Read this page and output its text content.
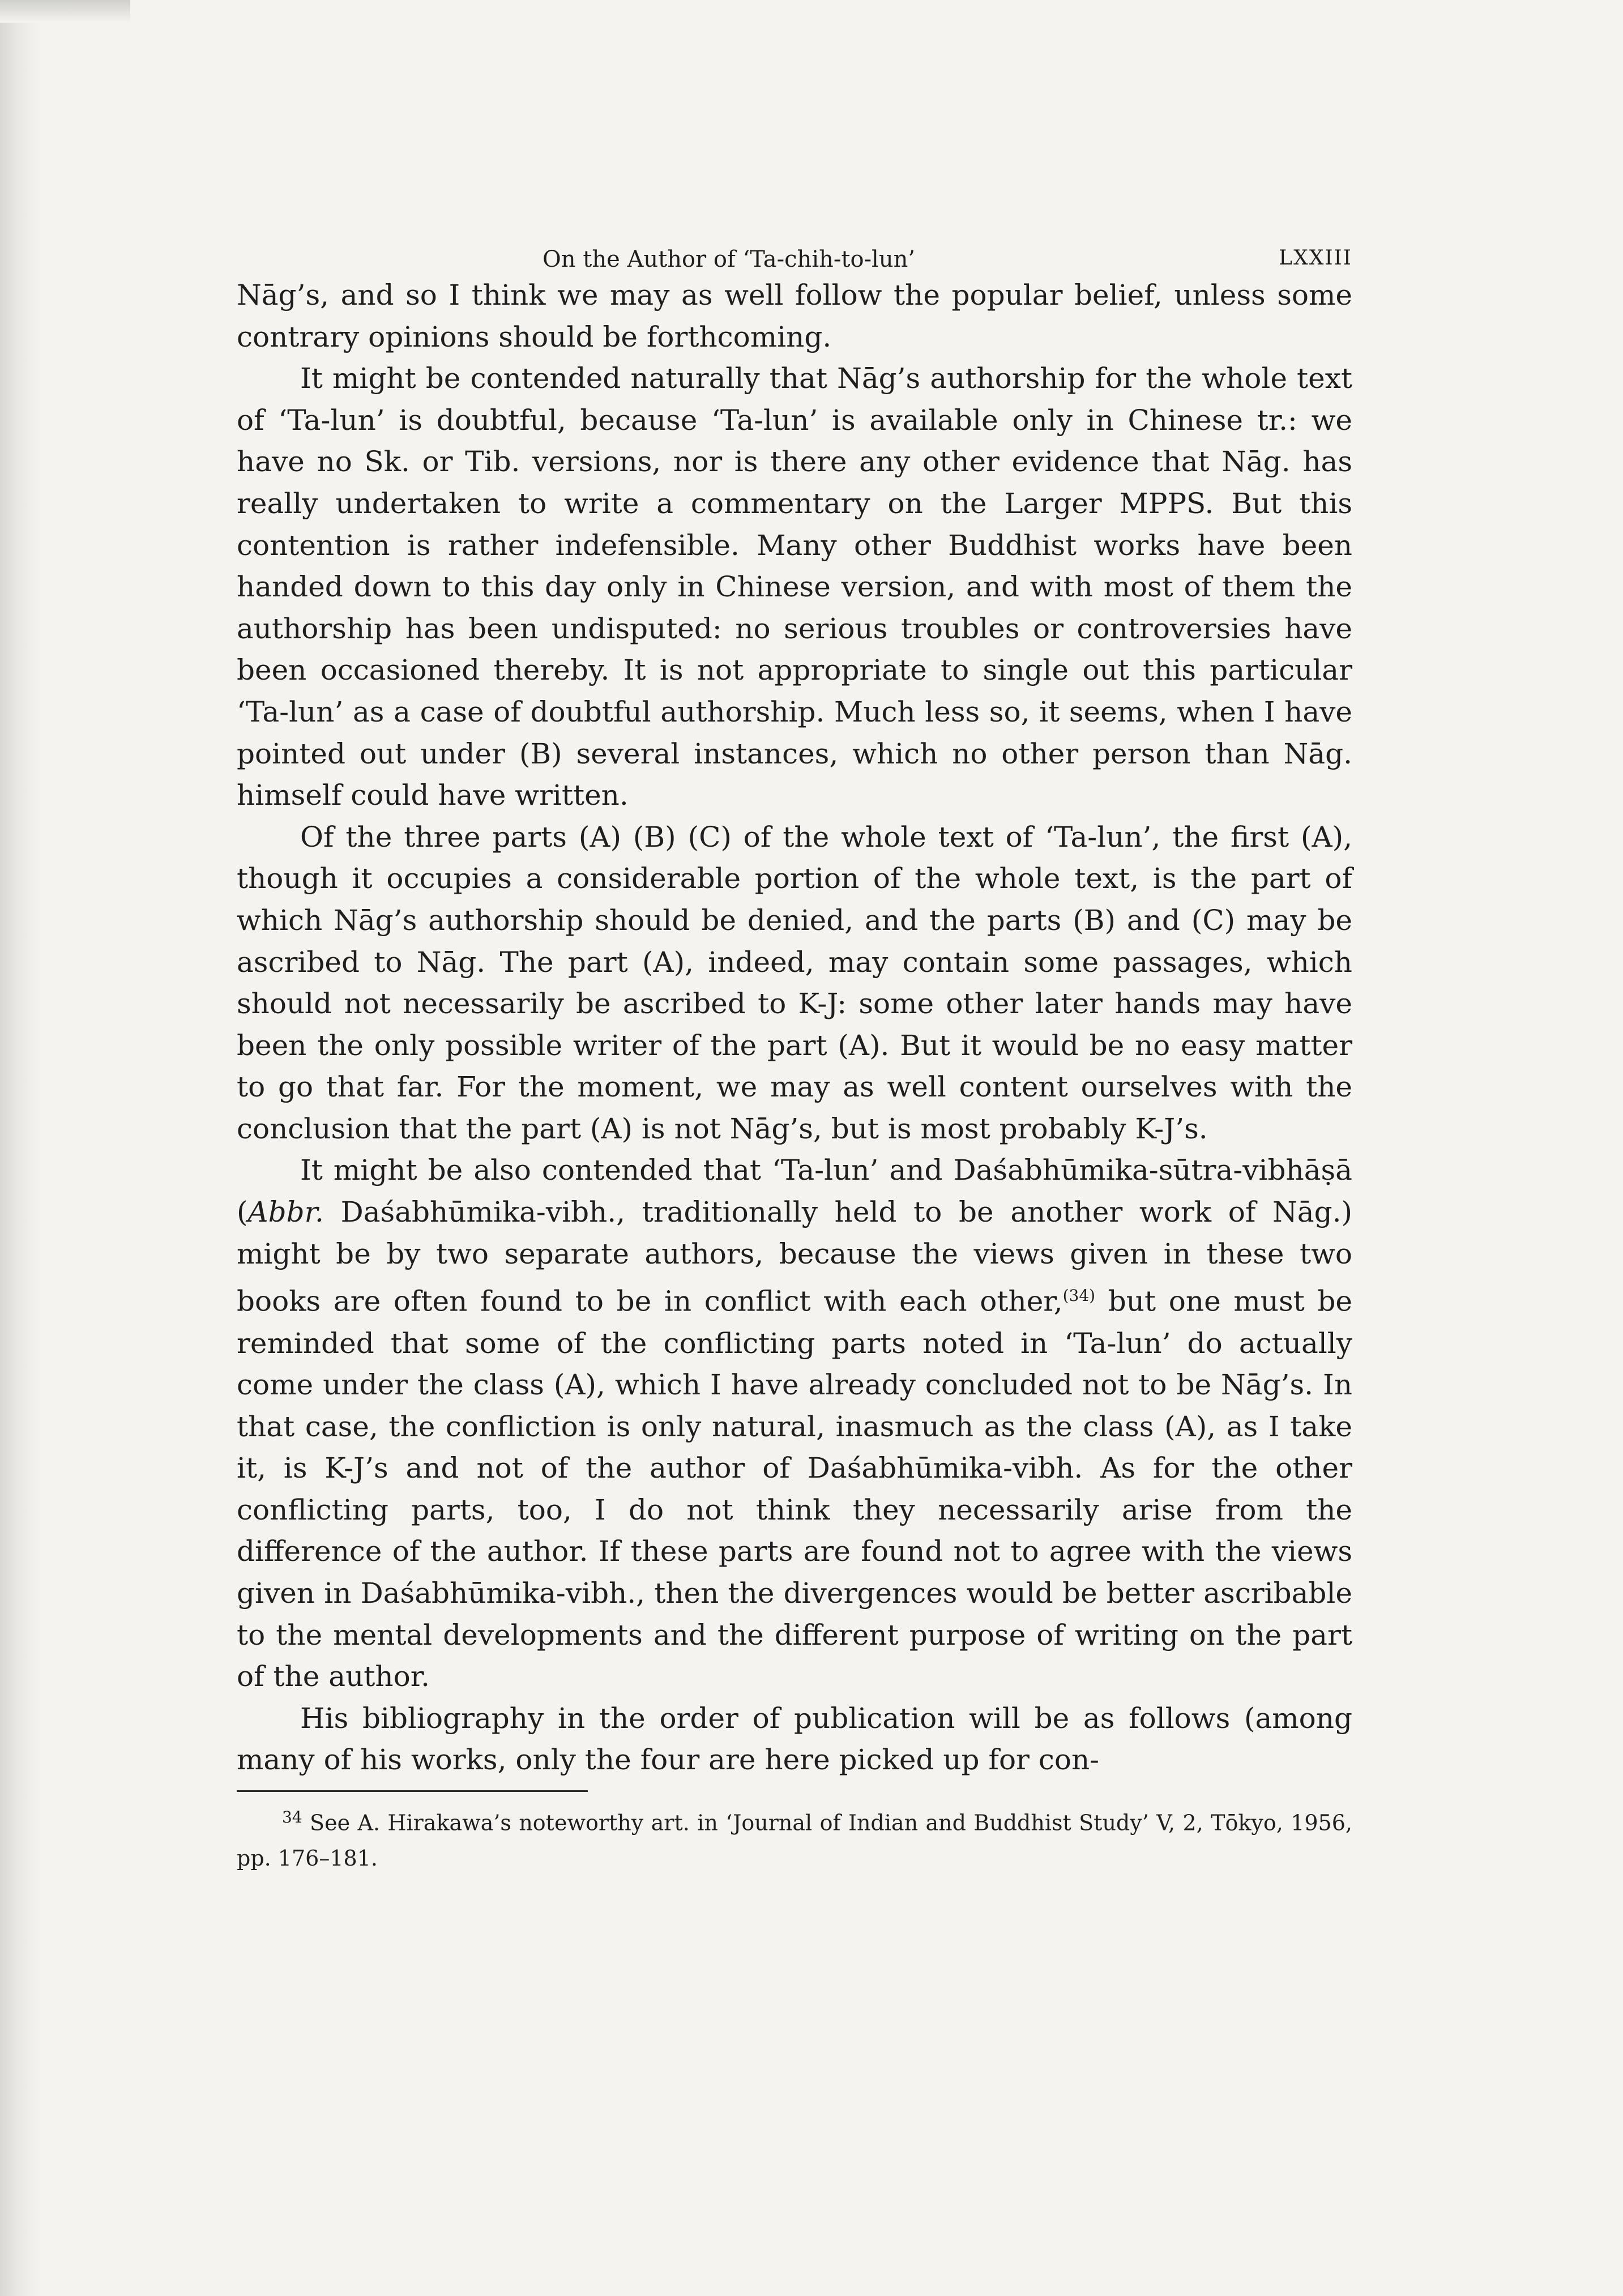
On the Author of ‘Ta-chih-to-lun’	LXXIII

Nāg’s, and so I think we may as well follow the popular belief, unless some contrary opinions should be forthcoming.

It might be contended naturally that Nāg’s authorship for the whole text of ‘Ta-lun’ is doubtful, because ‘Ta-lun’ is available only in Chinese tr.: we have no Sk. or Tib. versions, nor is there any other evidence that Nāg. has really undertaken to write a commentary on the Larger MPPS. But this contention is rather indefensible. Many other Buddhist works have been handed down to this day only in Chinese version, and with most of them the authorship has been undisputed: no serious troubles or controversies have been occasioned thereby. It is not appropriate to single out this particular ‘Ta-lun’ as a case of doubtful authorship. Much less so, it seems, when I have pointed out under (B) several instances, which no other person than Nāg. himself could have written.

Of the three parts (A) (B) (C) of the whole text of ‘Ta-lun’, the first (A), though it occupies a considerable portion of the whole text, is the part of which Nāg’s authorship should be denied, and the parts (B) and (C) may be ascribed to Nāg. The part (A), indeed, may contain some passages, which should not necessarily be ascribed to K-J: some other later hands may have been the only possible writer of the part (A). But it would be no easy matter to go that far. For the moment, we may as well content ourselves with the conclusion that the part (A) is not Nāg’s, but is most probably K-J’s.

It might be also contended that ‘Ta-lun’ and Daśabhūmika-sūtra-vibhāṣā (Abbr. Daśabhūmika-vibh., traditionally held to be another work of Nāg.) might be by two separate authors, because the views given in these two books are often found to be in conflict with each other,$^{(34)}$ but one must be reminded that some of the conflicting parts noted in ‘Ta-lun’ do actually come under the class (A), which I have already concluded not to be Nāg’s. In that case, the confliction is only natural, inasmuch as the class (A), as I take it, is K-J’s and not of the author of Daśabhūmika-vibh. As for the other conflicting parts, too, I do not think they necessarily arise from the difference of the author. If these parts are found not to agree with the views given in Daśabhūmika-vibh., then the divergences would be better ascribable to the mental developments and the different purpose of writing on the part of the author.

His bibliography in the order of publication will be as follows (among many of his works, only the four are here picked up for con-

$^{34}$ See A. Hirakawa’s noteworthy art. in ‘Journal of Indian and Buddhist Study’ V, 2, Tōkyo, 1956, pp. 176–181.
